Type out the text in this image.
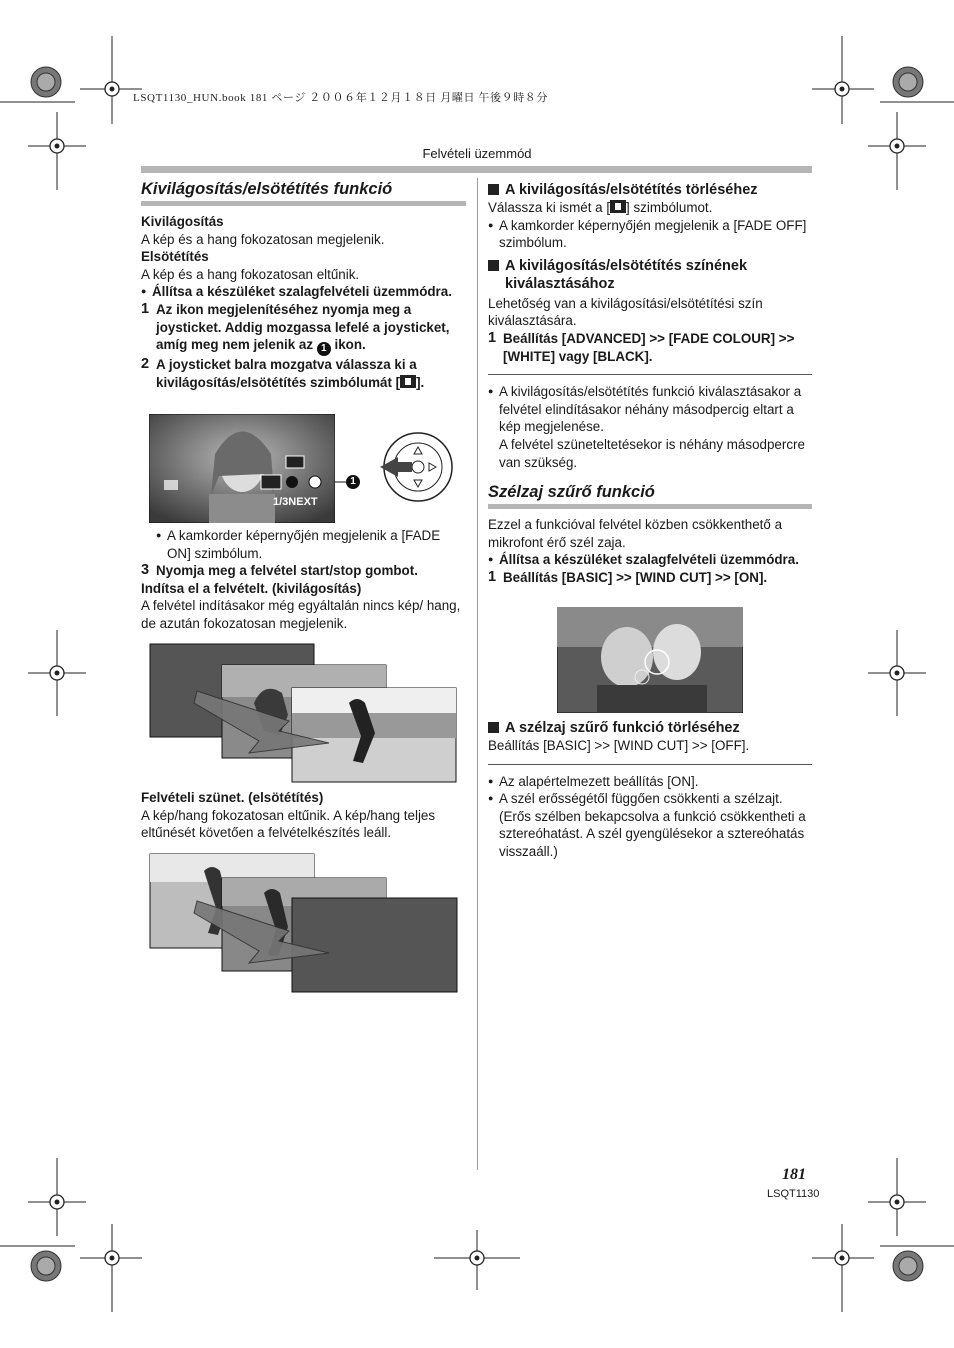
LSQT1130_HUN.book 181 ページ ２００６年１２月１８日 月曜日 午後９時８分
Felvételi üzemmód
Kivilágosítás/elsötétítés funkció

Kivilágosítás

A kép és a hang fokozatosan megjelenik.

Elsötétítés

A kép és a hang fokozatosan eltűnik.

● Állítsa a készüléket szalagfelvételi üzemmódra.

1 Az ikon megjelenítéséhez nyomja meg a joysticket. Addig mozgassa lefelé a joysticket, amíg meg nem jelenik az 1 ikon.

2 A joysticket balra mozgatva válassza ki a kivilágosítás/elsötétítés szimbólumát [ ].

1/3NEXT
1

● A kamkorder képernyőjén megjelenik a [FADE ON] szimbólum.

3 Nyomja meg a felvétel start/stop gombot.

Indítsa el a felvételt. (kivilágosítás)

A felvétel indításakor még egyáltalán nincs kép/ hang, de azután fokozatosan megjelenik.

Felvételi szünet. (elsötétítés)

A kép/hang fokozatosan eltűnik. A kép/hang teljes eltűnését követően a felvételkészítés leáll.

A kivilágosítás/elsötétítés törléséhez

Válassza ki ismét a [ ] szimbólumot.

● A kamkorder képernyőjén megjelenik a [FADE OFF] szimbólum.

A kivilágosítás/elsötétítés színének kiválasztásához

Lehetőség van a kivilágosítási/elsötétítési szín kiválasztására.

1 Beállítás [ADVANCED] >> [FADE COLOUR] >> [WHITE] vagy [BLACK].

● A kivilágosítás/elsötétítés funkció kiválasztásakor a felvétel elindításakor néhány másodpercig eltart a kép megjelenése.

A felvétel szüneteltetésekor is néhány másodpercre van szükség.

Szélzaj szűrő funkció

Ezzel a funkcióval felvétel közben csökkenthető a mikrofont érő szél zaja.

● Állítsa a készüléket szalagfelvételi üzemmódra.

1 Beállítás [BASIC] >> [WIND CUT] >> [ON].

A szélzaj szűrő funkció törléséhez

Beállítás [BASIC] >> [WIND CUT] >> [OFF].

● Az alapértelmezett beállítás [ON].

● A szél erősségétől függően csökkenti a szélzajt.

(Erős szélben bekapcsolva a funkció csökkentheti a sztereóhatást. A szél gyengülésekor a sztereóhatás visszaáll.)

181
LSQT1130
